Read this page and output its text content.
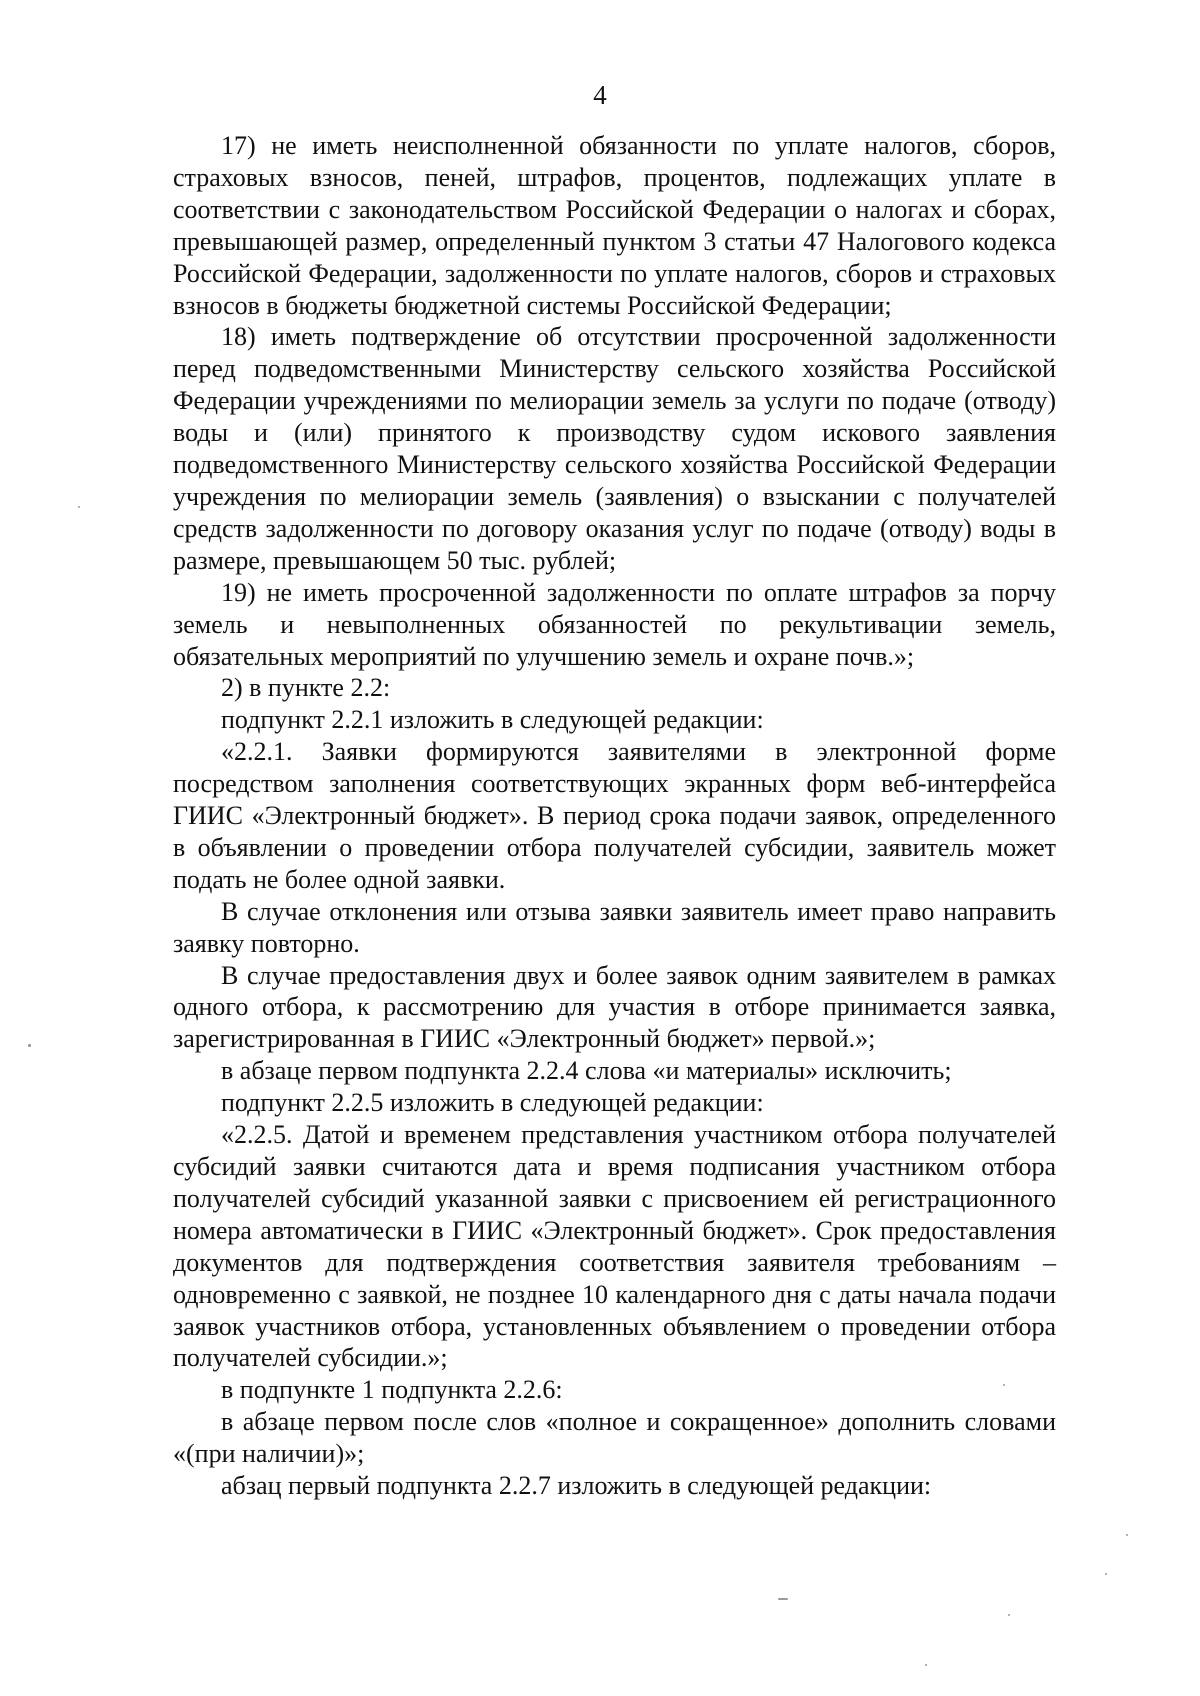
4

17) не иметь неисполненной обязанности по уплате налогов, сборов, страховых взносов, пеней, штрафов, процентов, подлежащих уплате в соответствии с законодательством Российской Федерации о налогах и сборах, превышающей размер, определенный пунктом 3 статьи 47 Налогового кодекса Российской Федерации, задолженности по уплате налогов, сборов и страховых взносов в бюджеты бюджетной системы Российской Федерации;

18) иметь подтверждение об отсутствии просроченной задолженности перед подведомственными Министерству сельского хозяйства Российской Федерации учреждениями по мелиорации земель за услуги по подаче (отводу) воды и (или) принятого к производству судом искового заявления подведомственного Министерству сельского хозяйства Российской Федерации учреждения по мелиорации земель (заявления) о взыскании с получателей средств задолженности по договору оказания услуг по подаче (отводу) воды в размере, превышающем 50 тыс. рублей;

19) не иметь просроченной задолженности по оплате штрафов за порчу земель и невыполненных обязанностей по рекультивации земель, обязательных мероприятий по улучшению земель и охране почв.»;

2) в пункте 2.2:

подпункт 2.2.1 изложить в следующей редакции:

«2.2.1. Заявки формируются заявителями в электронной форме посредством заполнения соответствующих экранных форм веб-интерфейса ГИИС «Электронный бюджет». В период срока подачи заявок, определенного в объявлении о проведении отбора получателей субсидии, заявитель может подать не более одной заявки.

В случае отклонения или отзыва заявки заявитель имеет право направить заявку повторно.

В случае предоставления двух и более заявок одним заявителем в рамках одного отбора, к рассмотрению для участия в отборе принимается заявка, зарегистрированная в ГИИС «Электронный бюджет» первой.»;

в абзаце первом подпункта 2.2.4 слова «и материалы» исключить;

подпункт 2.2.5 изложить в следующей редакции:

«2.2.5. Датой и временем представления участником отбора получателей субсидий заявки считаются дата и время подписания участником отбора получателей субсидий указанной заявки с присвоением ей регистрационного номера автоматически в ГИИС «Электронный бюджет». Срок предоставления документов для подтверждения соответствия заявителя требованиям – одновременно с заявкой, не позднее 10 календарного дня с даты начала подачи заявок участников отбора, установленных объявлением о проведении отбора получателей субсидии.»;

в подпункте 1 подпункта 2.2.6:

в абзаце первом после слов «полное и сокращенное» дополнить словами «(при наличии)»;

абзац первый подпункта 2.2.7 изложить в следующей редакции:
